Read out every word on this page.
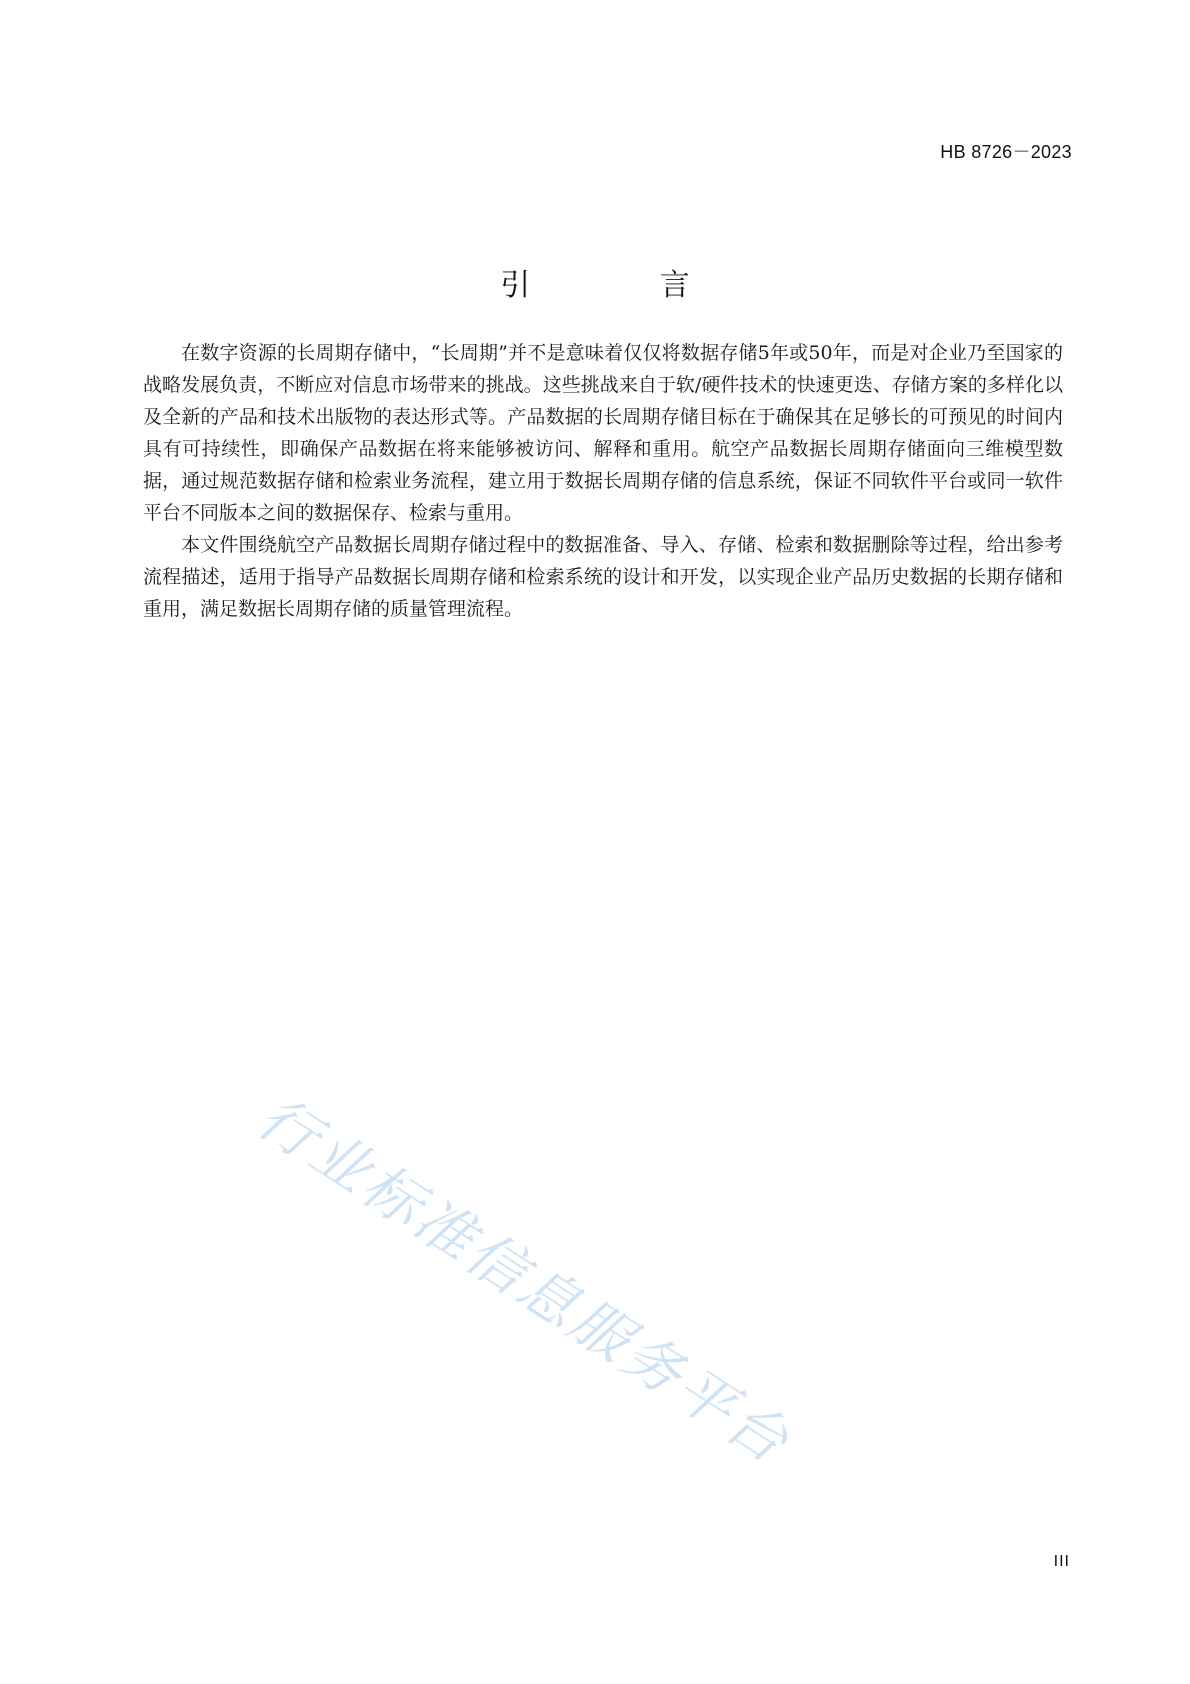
HB 8726－2023
引 言

在数字资源的长周期存储中，“长周期”并不是意味着仅仅将数据存储5年或50年，而是对企业乃至国家的战略发展负责，不断应对信息市场带来的挑战。这些挑战来自于软/硬件技术的快速更迭、存储方案的多样化以及全新的产品和技术出版物的表达形式等。产品数据的长周期存储目标在于确保其在足够长的可预见的时间内具有可持续性，即确保产品数据在将来能够被访问、解释和重用。航空产品数据长周期存储面向三维模型数据，通过规范数据存储和检索业务流程，建立用于数据长周期存储的信息系统，保证不同软件平台或同一软件平台不同版本之间的数据保存、检索与重用。

本文件围绕航空产品数据长周期存储过程中的数据准备、导入、存储、检索和数据删除等过程，给出参考流程描述，适用于指导产品数据长周期存储和检索系统的设计和开发，以实现企业产品历史数据的长期存储和重用，满足数据长周期存储的质量管理流程。

行业标准信息服务平台
III
